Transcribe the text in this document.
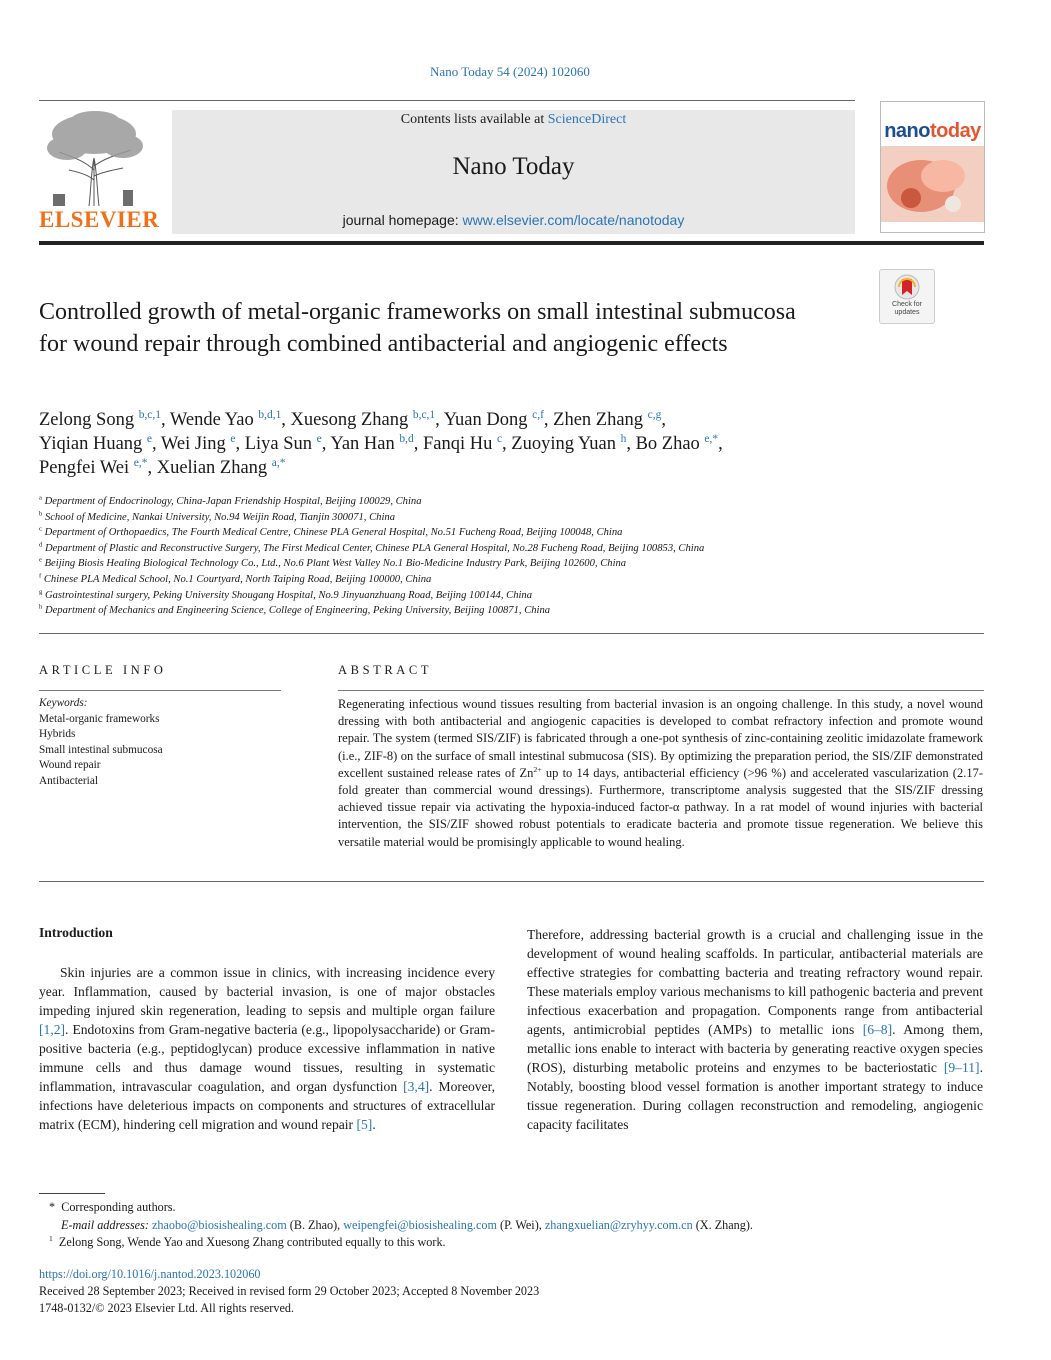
Nano Today 54 (2024) 102060
ELSEVIER
Contents lists available at ScienceDirect
Nano Today
journal homepage: www.elsevier.com/locate/nanotoday
nanotoday
Check for updates
Controlled growth of metal-organic frameworks on small intestinal submucosa for wound repair through combined antibacterial and angiogenic effects
Zelong Song $^{b,c,1}$, Wende Yao $^{b,d,1}$, Xuesong Zhang $^{b,c,1}$, Yuan Dong $^{c,f}$, Zhen Zhang $^{c,g}$,
Yiqian Huang $^e$, Wei Jing $^e$, Liya Sun $^e$, Yan Han $^{b,d}$, Fanqi Hu $^c$, Zuoying Yuan $^h$, Bo Zhao $^{e,*}$,
Pengfei Wei $^{e,*}$, Xuelian Zhang $^{a,*}$
$^a$ Department of Endocrinology, China-Japan Friendship Hospital, Beijing 100029, China
$^b$ School of Medicine, Nankai University, No.94 Weijin Road, Tianjin 300071, China
$^c$ Department of Orthopaedics, The Fourth Medical Centre, Chinese PLA General Hospital, No.51 Fucheng Road, Beijing 100048, China
$^d$ Department of Plastic and Reconstructive Surgery, The First Medical Center, Chinese PLA General Hospital, No.28 Fucheng Road, Beijing 100853, China
$^e$ Beijing Biosis Healing Biological Technology Co., Ltd., No.6 Plant West Valley No.1 Bio-Medicine Industry Park, Beijing 102600, China
$^f$ Chinese PLA Medical School, No.1 Courtyard, North Taiping Road, Beijing 100000, China
$^g$ Gastrointestinal surgery, Peking University Shougang Hospital, No.9 Jinyuanzhuang Road, Beijing 100144, China
$^h$ Department of Mechanics and Engineering Science, College of Engineering, Peking University, Beijing 100871, China
ARTICLE INFO	ABSTRACT
Keywords:
Metal-organic frameworks
Hybrids
Small intestinal submucosa
Wound repair
Antibacterial
Regenerating infectious wound tissues resulting from bacterial invasion is an ongoing challenge. In this study, a novel wound dressing with both antibacterial and angiogenic capacities is developed to combat refractory infection and promote wound repair. The system (termed SIS/ZIF) is fabricated through a one-pot synthesis of zinc-containing zeolitic imidazolate framework (i.e., ZIF-8) on the surface of small intestinal submucosa (SIS). By optimizing the preparation period, the SIS/ZIF demonstrated excellent sustained release rates of $Zn^{2+}$ up to 14 days, antibacterial efficiency (>96 %) and accelerated vascularization (2.17-fold greater than commercial wound dressings). Furthermore, transcriptome analysis suggested that the SIS/ZIF dressing achieved tissue repair via activating the hypoxia-induced factor-α pathway. In a rat model of wound injuries with bacterial intervention, the SIS/ZIF showed robust potentials to eradicate bacteria and promote tissue regeneration. We believe this versatile material would be promisingly applicable to wound healing.
Introduction
Skin injuries are a common issue in clinics, with increasing incidence every year. Inflammation, caused by bacterial invasion, is one of major obstacles impeding injured skin regeneration, leading to sepsis and multiple organ failure [1,2]. Endotoxins from Gram-negative bacteria (e.g., lipopolysaccharide) or Gram-positive bacteria (e.g., peptidoglycan) produce excessive inflammation in native immune cells and thus damage wound tissues, resulting in systematic inflammation, intravascular coagulation, and organ dysfunction [3,4]. Moreover, infections have deleterious impacts on components and structures of extracellular matrix (ECM), hindering cell migration and wound repair [5].
Therefore, addressing bacterial growth is a crucial and challenging issue in the development of wound healing scaffolds. In particular, antibacterial materials are effective strategies for combatting bacteria and treating refractory wound repair. These materials employ various mechanisms to kill pathogenic bacteria and prevent infectious exacerbation and propagation. Components range from antibacterial agents, antimicrobial peptides (AMPs) to metallic ions [6–8]. Among them, metallic ions enable to interact with bacteria by generating reactive oxygen species (ROS), disturbing metabolic proteins and enzymes to be bacteriostatic [9–11]. Notably, boosting blood vessel formation is another important strategy to induce tissue regeneration. During collagen reconstruction and remodeling, angiogenic capacity facilitates
*  Corresponding authors.
E-mail addresses: zhaobo@biosishealing.com (B. Zhao), weipengfei@biosishealing.com (P. Wei), zhangxuelian@zryhyy.com.cn (X. Zhang).
$^1$ Zelong Song, Wende Yao and Xuesong Zhang contributed equally to this work.
https://doi.org/10.1016/j.nantod.2023.102060
Received 28 September 2023; Received in revised form 29 October 2023; Accepted 8 November 2023
1748-0132/© 2023 Elsevier Ltd. All rights reserved.
